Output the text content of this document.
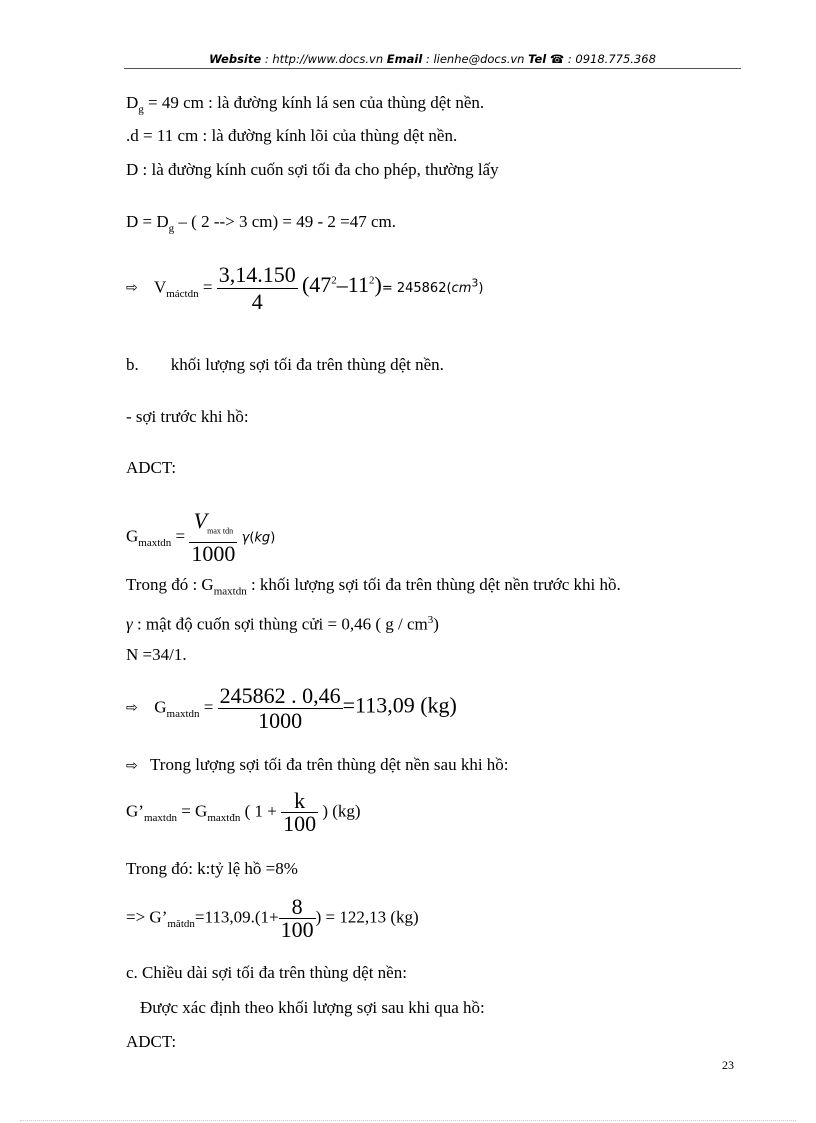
Website : http://www.docs.vn Email : lienhe@docs.vn Tel ☎ : 0918.775.368
$D_g = 49$ cm : là đường kính lá sen của thùng dệt nền.
.d = 11 cm : là đường kính lõi của thùng dệt nền.
D : là đường kính cuốn sợi tối đa cho phép, thường lấy
$D = D_g$ – ( 2 --> 3 cm) = 49 - 2 =47 cm.
⇨ $V_{máctdn} = \frac{3,14.150}{4} (47^2-11^2)= 245862(cm^3)$
b. khối lượng sợi tối đa trên thùng dệt nền.
- sợi trước khi hồ:
ADCT:
$G_{maxtdn} = \frac{V_{max tdn}}{1000} \gamma(kg)$
Trong đó : $G_{maxtdn}$ : khối lượng sợi tối đa trên thùng dệt nền trước khi hồ.
γ : mật độ cuốn sợi thùng cửi = 0,46 ( g / $cm^3$)
N =34/1.
⇨ $G_{maxtdn} = \frac{245862 . 0,46}{1000} =113,09$ (kg)
⇨ Trong lượng sợi tối đa trên thùng dệt nền sau khi hồ:
$G’_{maxtdn} = G_{maxtđn}$ ( $1 + \frac{k}{100}$ ) (kg)
Trong đó: k:tỷ lệ hồ =8%
=> $G’_{mătdn}=113,09.(1+ \frac{8}{100}$ ) = 122,13 (kg)
c. Chiều dài sợi tối đa trên thùng dệt nền:
Được xác định theo khối lượng sợi sau khi qua hồ:
ADCT:
23
